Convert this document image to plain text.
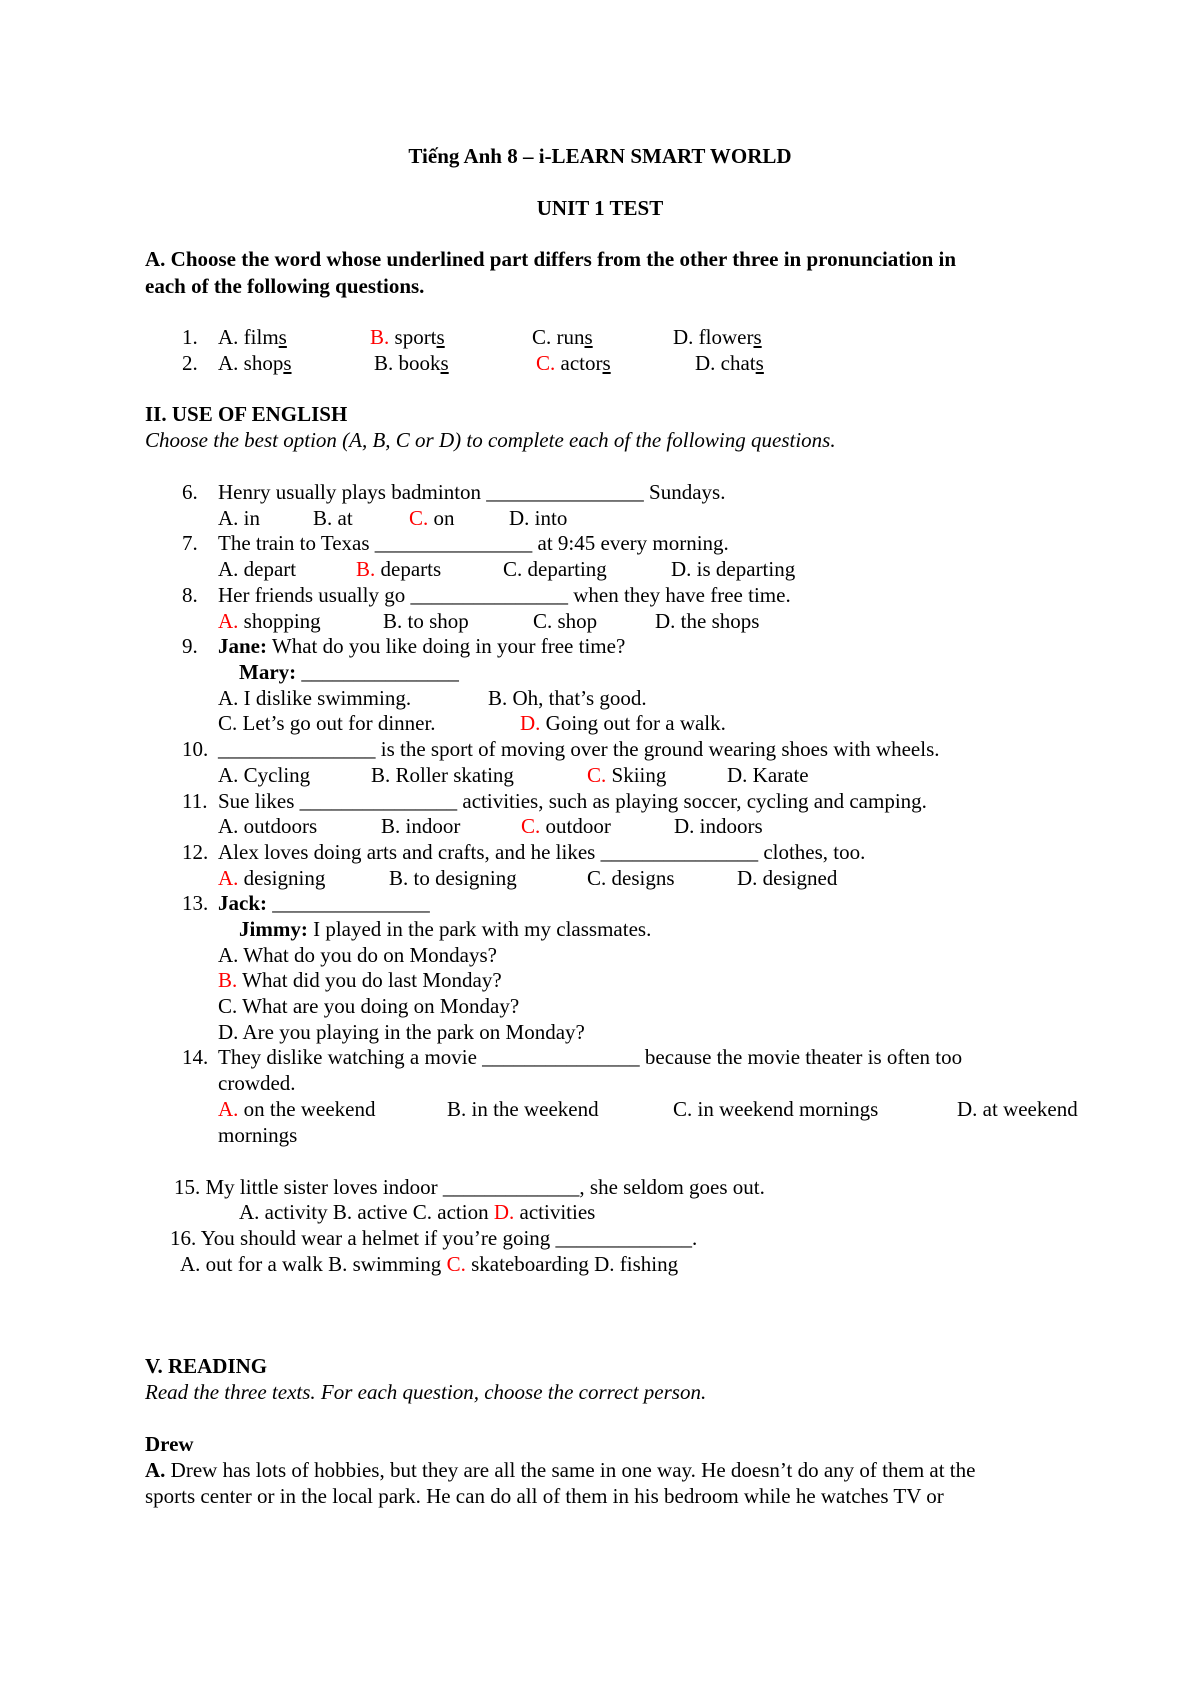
Tiếng Anh 8 – i-LEARN SMART WORLD
UNIT 1 TEST
A. Choose the word whose underlined part differs from the other three in pronunciation in
each of the following questions.
1. A. films	B. sports	C. runs	D. flowers
2. A. shops	B. books	C. actors	D. chats
II. USE OF ENGLISH
Choose the best option (A, B, C or D) to complete each of the following questions.
6. Henry usually plays badminton _______________ Sundays.
A. in	B. at	C. on	D. into
7. The train to Texas _______________ at 9:45 every morning.
A. depart	B. departs	C. departing	D. is departing
8. Her friends usually go _______________ when they have free time.
A. shopping	B. to shop	C. shop	D. the shops
9. Jane: What do you like doing in your free time?
Mary: _______________
A. I dislike swimming.	B. Oh, that’s good.
C. Let’s go out for dinner.	D. Going out for a walk.
10. _______________ is the sport of moving over the ground wearing shoes with wheels.
A. Cycling	B. Roller skating	C. Skiing	D. Karate
11. Sue likes _______________ activities, such as playing soccer, cycling and camping.
A. outdoors	B. indoor	C. outdoor	D. indoors
12. Alex loves doing arts and crafts, and he likes _______________ clothes, too.
A. designing	B. to designing	C. designs	D. designed
13. Jack: _______________
Jimmy: I played in the park with my classmates.
A. What do you do on Mondays?
B. What did you do last Monday?
C. What are you doing on Monday?
D. Are you playing in the park on Monday?
14. They dislike watching a movie _______________ because the movie theater is often too
crowded.
A. on the weekend	B. in the weekend	C. in weekend mornings	D. at weekend
mornings
15. My little sister loves indoor _____________, she seldom goes out.
A. activity B. active C. action D. activities
16. You should wear a helmet if you’re going _____________.
A. out for a walk B. swimming C. skateboarding D. fishing
V. READING
Read the three texts. For each question, choose the correct person.
Drew
A. Drew has lots of hobbies, but they are all the same in one way. He doesn’t do any of them at the
sports center or in the local park. He can do all of them in his bedroom while he watches TV or
